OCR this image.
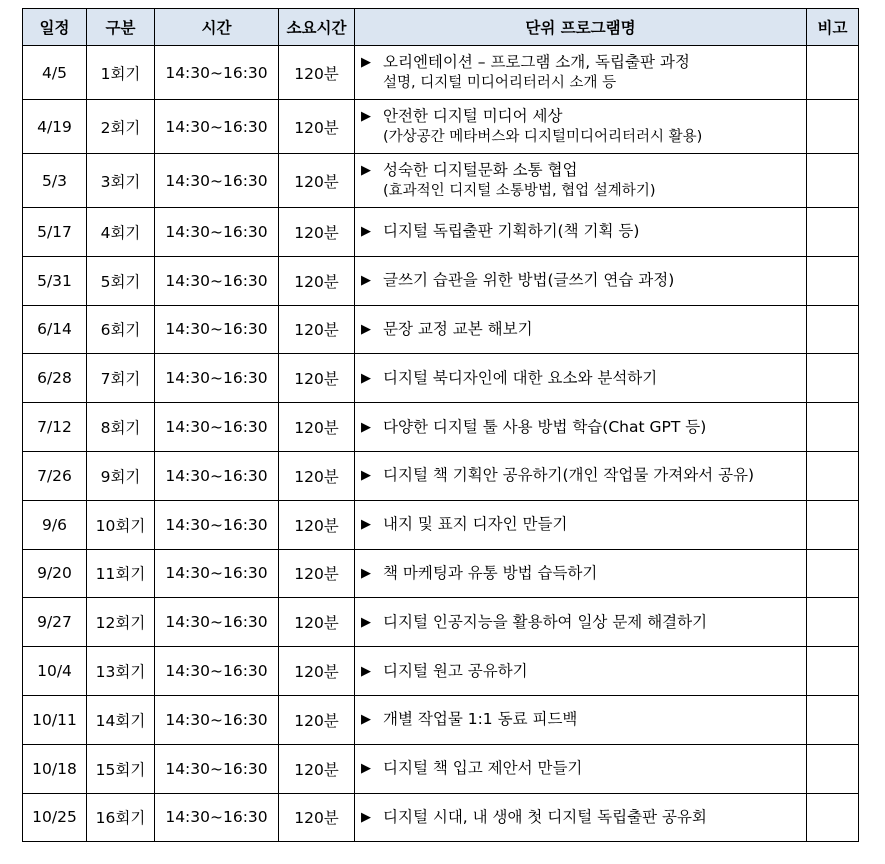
일정	구분	시간	소요시간	단위 프로그램명	비고
4/5	1회기	14:30~16:30	120분	▶ 오리엔테이션 – 프로그램 소개, 독립출판 과정
설명, 디지털 미디어리터러시 소개 등	

4/19	2회기	14:30~16:30	120분	▶ 안전한 디지털 미디어 세상
(가상공간 메타버스와 디지털미디어리터러시 활용)	

5/3	3회기	14:30~16:30	120분	▶ 성숙한 디지털문화 소통 협업
(효과적인 디지털 소통방법, 협업 설계하기)	

5/17	4회기	14:30~16:30	120분	▶ 디지털 독립출판 기획하기(책 기획 등)	

5/31	5회기	14:30~16:30	120분	▶ 글쓰기 습관을 위한 방법(글쓰기 연습 과정)	

6/14	6회기	14:30~16:30	120분	▶ 문장 교정 교본 해보기	

6/28	7회기	14:30~16:30	120분	▶ 디지털 북디자인에 대한 요소와 분석하기	

7/12	8회기	14:30~16:30	120분	▶ 다양한 디지털 툴 사용 방법 학습(Chat GPT 등)	

7/26	9회기	14:30~16:30	120분	▶ 디지털 책 기획안 공유하기(개인 작업물 가져와서 공유)	

9/6	10회기	14:30~16:30	120분	▶ 내지 및 표지 디자인 만들기	

9/20	11회기	14:30~16:30	120분	▶ 책 마케팅과 유통 방법 습득하기	

9/27	12회기	14:30~16:30	120분	▶ 디지털 인공지능을 활용하여 일상 문제 해결하기	

10/4	13회기	14:30~16:30	120분	▶ 디지털 원고 공유하기	

10/11	14회기	14:30~16:30	120분	▶ 개별 작업물 1:1 동료 피드백	

10/18	15회기	14:30~16:30	120분	▶ 디지털 책 입고 제안서 만들기	

10/25	16회기	14:30~16:30	120분	▶ 디지털 시대, 내 생애 첫 디지털 독립출판 공유회	
